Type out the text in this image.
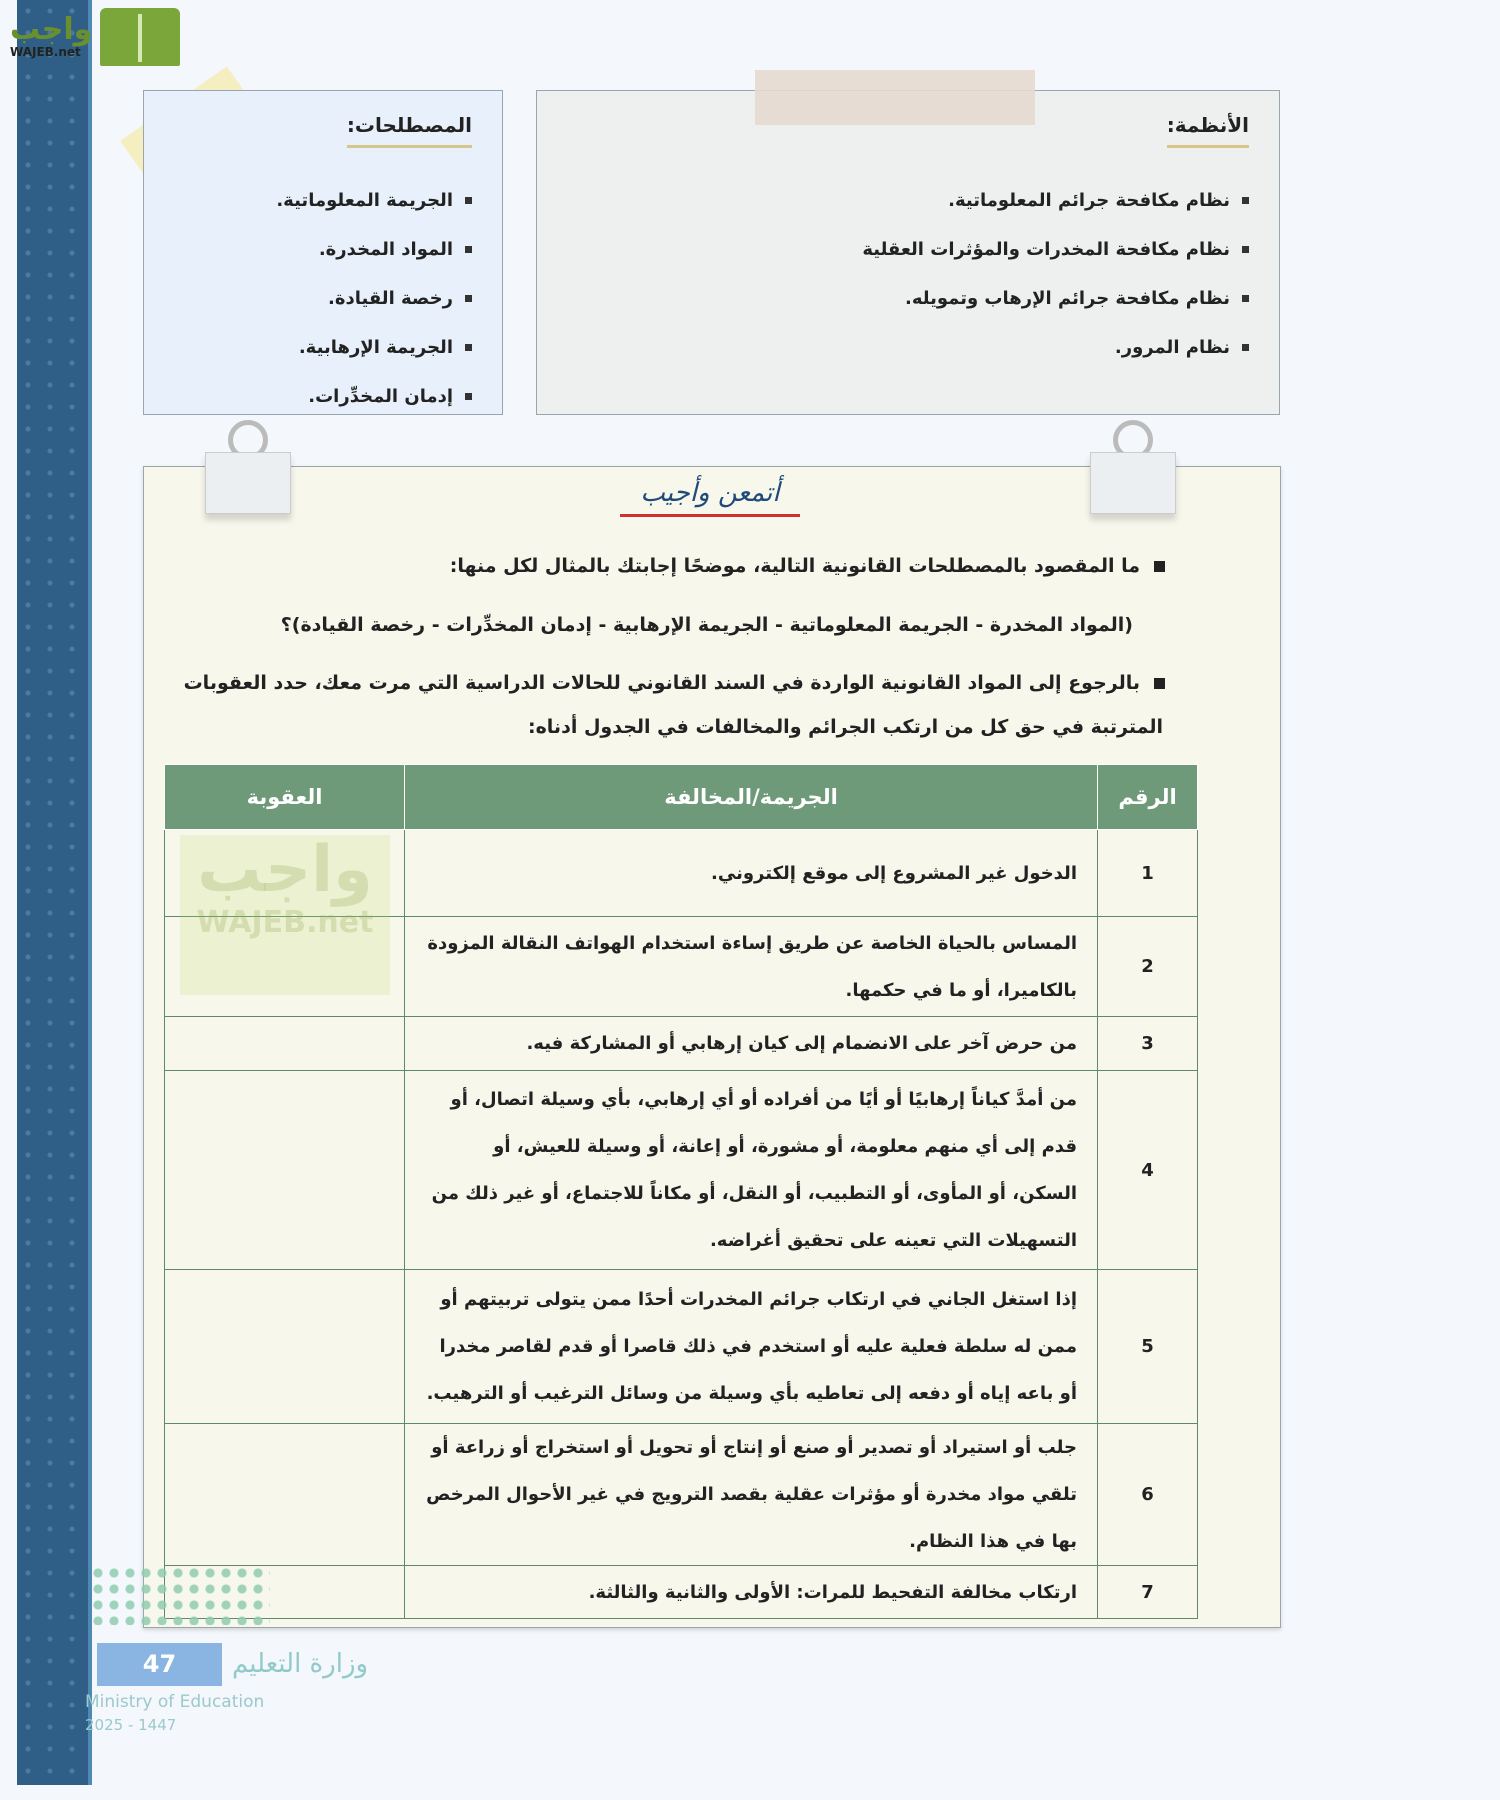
واجب
WAJEB.net
المصطلحات:
الجريمة المعلوماتية.
المواد المخدرة.
رخصة القيادة.
الجريمة الإرهابية.
إدمان المخدِّرات.
الأنظمة:
نظام مكافحة جرائم المعلوماتية.
نظام مكافحة المخدرات والمؤثرات العقلية
نظام مكافحة جرائم الإرهاب وتمويله.
نظام المرور.
أتمعن وأجيب
ما المقصود بالمصطلحات القانونية التالية، موضحًا إجابتك بالمثال لكل منها:
(المواد المخدرة - الجريمة المعلوماتية - الجريمة الإرهابية - إدمان المخدِّرات - رخصة القيادة)؟
بالرجوع إلى المواد القانونية الواردة في السند القانوني للحالات الدراسية التي مرت معك، حدد العقوبات
المترتبة في حق كل من ارتكب الجرائم والمخالفات في الجدول أدناه:
الرقم	الجريمة/المخالفة	العقوبة
1	الدخول غير المشروع إلى موقع إلكتروني.	
2	المساس بالحياة الخاصة عن طريق إساءة استخدام الهواتف النقالة المزودة بالكاميرا، أو ما في حكمها.	
3	من حرض آخر على الانضمام إلى كيان إرهابي أو المشاركة فيه.	
4	من أمدَّ كياناً إرهابيًا أو أيًا من أفراده أو أي إرهابي، بأي وسيلة اتصال، أو قدم إلى أي منهم معلومة، أو مشورة، أو إعانة، أو وسيلة للعيش، أو السكن، أو المأوى، أو التطبيب، أو النقل، أو مكاناً للاجتماع، أو غير ذلك من التسهيلات التي تعينه على تحقيق أغراضه.	
5	إذا استغل الجاني في ارتكاب جرائم المخدرات أحدًا ممن يتولى تربيتهم أو ممن له سلطة فعلية عليه أو استخدم في ذلك قاصرا أو قدم لقاصر مخدرا أو باعه إياه أو دفعه إلى تعاطيه بأي وسيلة من وسائل الترغيب أو الترهيب.	
6	جلب أو استيراد أو تصدير أو صنع أو إنتاج أو تحويل أو استخراج أو زراعة أو تلقي مواد مخدرة أو مؤثرات عقلية بقصد الترويج في غير الأحوال المرخص بها في هذا النظام.	
7	ارتكاب مخالفة التفحيط للمرات: الأولى والثانية والثالثة.	
واجب
WAJEB.net
47	وزارة التعليم
Ministry of Education
2025 - 1447
